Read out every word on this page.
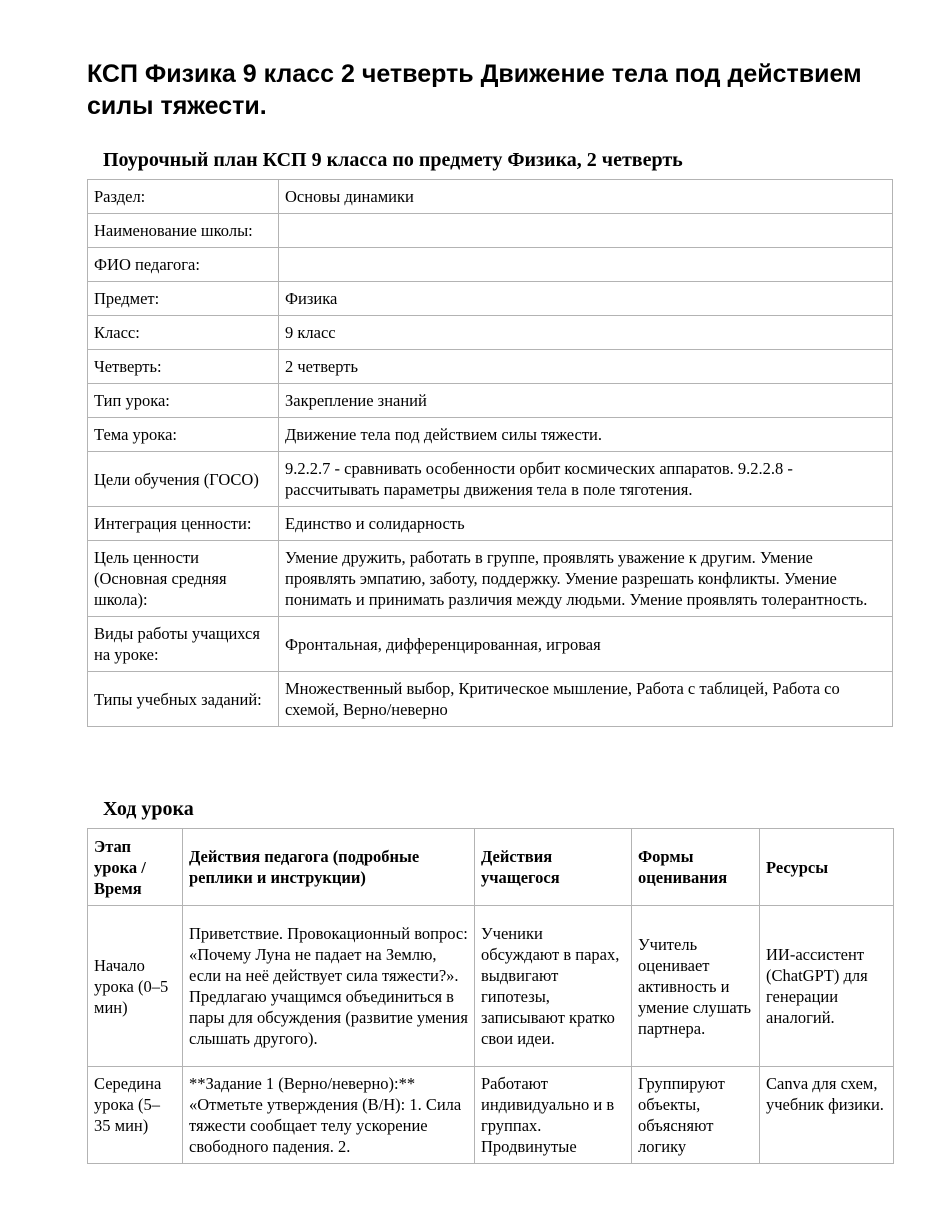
КСП Физика 9 класс 2 четверть Движение тела под действием силы тяжести.
Поурочный план КСП 9 класса по предмету Физика, 2 четверть
Раздел:	Основы динамики
Наименование школы:	
ФИО педагога:	
Предмет:	Физика
Класс:	9 класс
Четверть:	2 четверть
Тип урока:	Закрепление знаний
Тема урока:	Движение тела под действием силы тяжести.
Цели обучения (ГОСО)	9.2.2.7 - сравнивать особенности орбит космических аппаратов. 9.2.2.8 - рассчитывать параметры движения тела в поле тяготения.
Интеграция ценности:	Единство и солидарность
Цель ценности (Основная средняя школа):	Умение дружить, работать в группе, проявлять уважение к другим. Умение проявлять эмпатию, заботу, поддержку. Умение разрешать конфликты. Умение понимать и принимать различия между людьми. Умение проявлять толерантность.
Виды работы учащихся на уроке:	Фронтальная, дифференцированная, игровая
Типы учебных заданий:	Множественный выбор, Критическое мышление, Работа с таблицей, Работа со схемой, Верно/неверно
Ход урока
Этап урока / Время	Действия педагога (подробные реплики и инструкции)	Действия учащегося	Формы оценивания	Ресурсы
Начало урока (0–5 мин)	Приветствие. Провокационный вопрос: «Почему Луна не падает на Землю, если на неё действует сила тяжести?». Предлагаю учащимся объединиться в пары для обсуждения (развитие умения слышать другого).	Ученики обсуждают в парах, выдвигают гипотезы, записывают кратко свои идеи.	Учитель оценивает активность и умение слушать партнера.	ИИ-ассистент (ChatGPT) для генерации аналогий.

Середина урока (5–35 мин)	**Задание 1 (Верно/неверно):** «Отметьте утверждения (В/Н): 1. Сила тяжести сообщает телу ускорение свободного падения. 2.	Работают индивидуально и в группах. Продвинутые	Группируют объекты, объясняют логику	Canva для схем, учебник физики.
